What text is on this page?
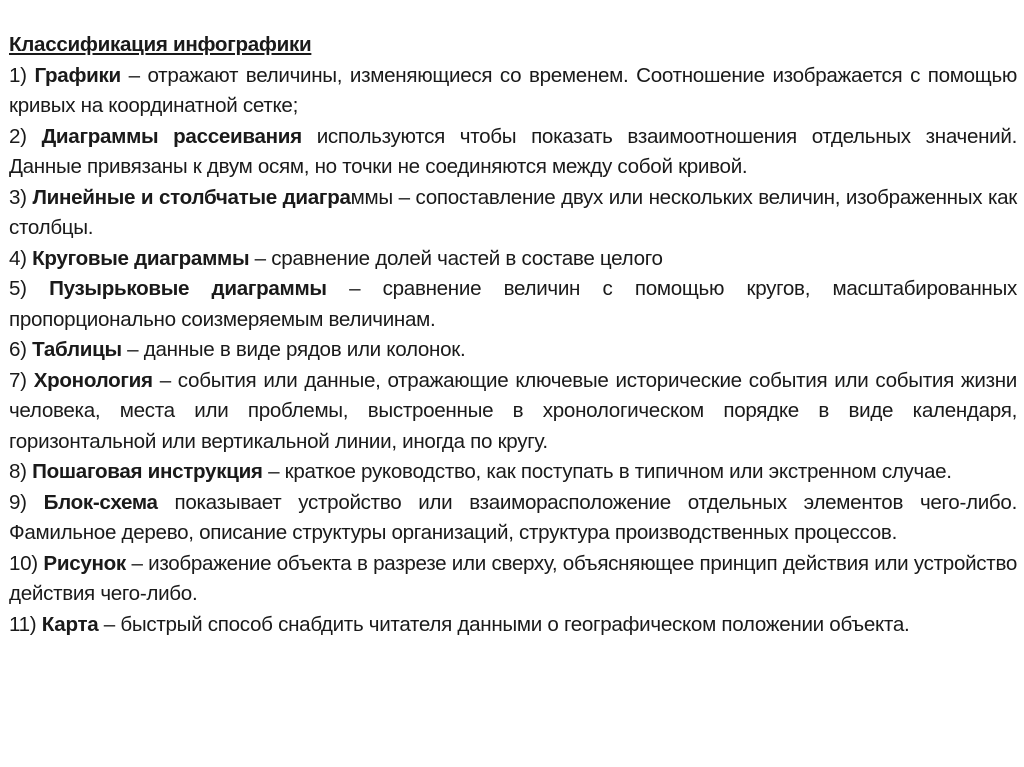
Классификация инфографики

1) Графики – отражают величины, изменяющиеся со временем. Соотношение изображается с помощью кривых на координатной сетке;

2) Диаграммы рассеивания используются чтобы показать взаимоотношения отдельных значений. Данные привязаны к двум осям, но точки не соединяются между собой кривой.

3) Линейные и столбчатые диаграммы – сопоставление двух или нескольких величин, изображенных как столбцы.

4) Круговые диаграммы – сравнение долей частей в составе целого

5) Пузырьковые диаграммы – сравнение величин с помощью кругов, масштабированных пропорционально соизмеряемым величинам.

6) Таблицы – данные в виде рядов или колонок.

7) Хронология – события или данные, отражающие ключевые исторические события или события жизни человека, места или проблемы, выстроенные в хронологическом порядке в виде календаря, горизонтальной или вертикальной линии, иногда по кругу.

8) Пошаговая инструкция – краткое руководство, как поступать в типичном или экстренном случае.

9) Блок-схема показывает устройство или взаиморасположение отдельных элементов чего-либо. Фамильное дерево, описание структуры организаций, структура производственных процессов.

10) Рисунок – изображение объекта в разрезе или сверху, объясняющее принцип действия или устройство действия чего-либо.

11) Карта – быстрый способ снабдить читателя данными о географическом положении объекта.
